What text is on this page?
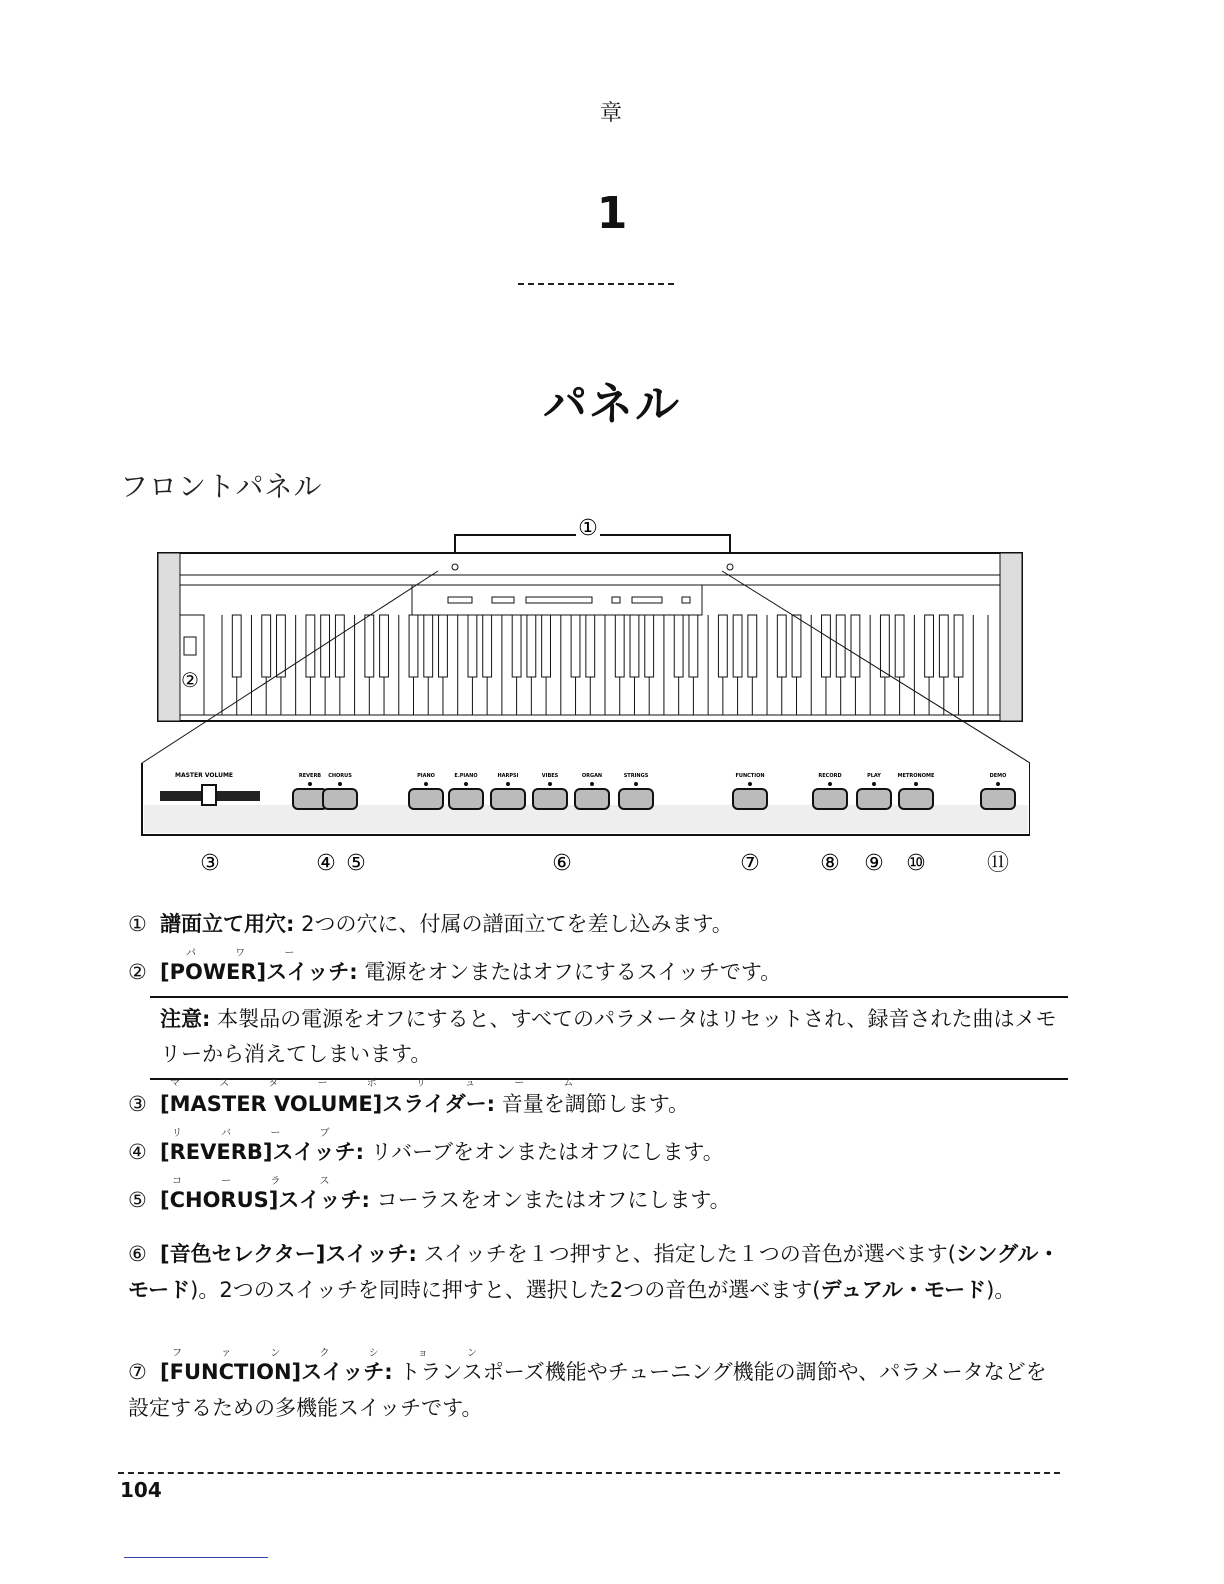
章
1
パネル
フロントパネル
①
②
MASTER VOLUME	REVERB CHORUS	PIANO	E.PIANO	HARPSI	VIBES	ORGAN	STRINGS	FUNCTION	RECORD	PLAY	METRONOME	DEMO
③	④ ⑤	⑥	⑦	⑧ ⑨ ⑩	⑪
① 譜面立て用穴: 2つの穴に、付属の譜面立てを差し込みます。
パ ワ ー
② [POWER]スイッチ: 電源をオンまたはオフにするスイッチです。
注意: 本製品の電源をオフにすると、すべてのパラメータはリセットされ、録音された曲はメモリーから消えてしまいます。
マ ス タ ー ボ リ ュ ー ム
③ [MASTER VOLUME]スライダー: 音量を調節します。
リ バ ー ブ
④ [REVERB]スイッチ: リバーブをオンまたはオフにします。
コ ー ラ ス
⑤ [CHORUS]スイッチ: コーラスをオンまたはオフにします。
⑥ [音色セレクター]スイッチ: スイッチを１つ押すと、指定した１つの音色が選べます(シングル・モード)。2つのスイッチを同時に押すと、選択した2つの音色が選べます(デュアル・モード)。
フ ァ ン ク シ ョ ン
⑦ [FUNCTION]スイッチ: トランスポーズ機能やチューニング機能の調節や、パラメータなどを設定するための多機能スイッチです。
104
